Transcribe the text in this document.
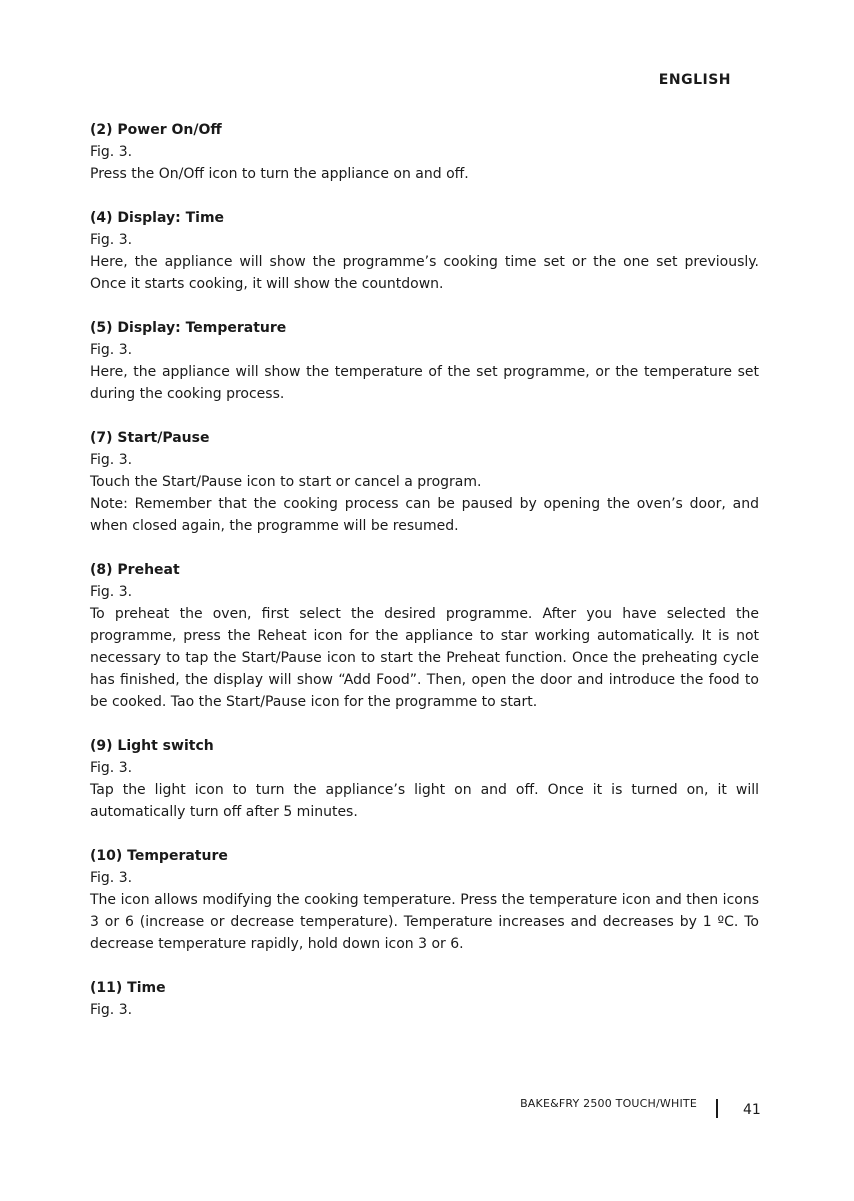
ENGLISH

(2) Power On/Off

Fig. 3.

Press the On/Off icon to turn the appliance on and off.

(4) Display: Time

Fig. 3.

Here, the appliance will show the programme’s cooking time set or the one set previously. Once it starts cooking, it will show the countdown.

(5) Display: Temperature

Fig. 3.

Here, the appliance will show the temperature of the set programme, or the temperature set during the cooking process.

(7) Start/Pause

Fig. 3.

Touch the Start/Pause icon to start or cancel a program.

Note: Remember that the cooking process can be paused by opening the oven’s door, and when closed again, the programme will be resumed.

(8) Preheat

Fig. 3.

To preheat the oven, first select the desired programme. After you have selected the programme, press the Reheat icon for the appliance to star working automatically. It is not necessary to tap the Start/Pause icon to start the Preheat function. Once the preheating cycle has finished, the display will show “Add Food”. Then, open the door and introduce the food to be cooked. Tao the Start/Pause icon for the programme to start.

(9) Light switch

Fig. 3.

Tap the light icon to turn the appliance’s light on and off. Once it is turned on, it will automatically turn off after 5 minutes.

(10) Temperature

Fig. 3.

The icon allows modifying the cooking temperature. Press the temperature icon and then icons 3 or 6 (increase or decrease temperature). Temperature increases and decreases by 1 ºC. To decrease temperature rapidly, hold down icon 3 or 6.

(11) Time

Fig. 3.

BAKE&FRY 2500 TOUCH/WHITE	41
